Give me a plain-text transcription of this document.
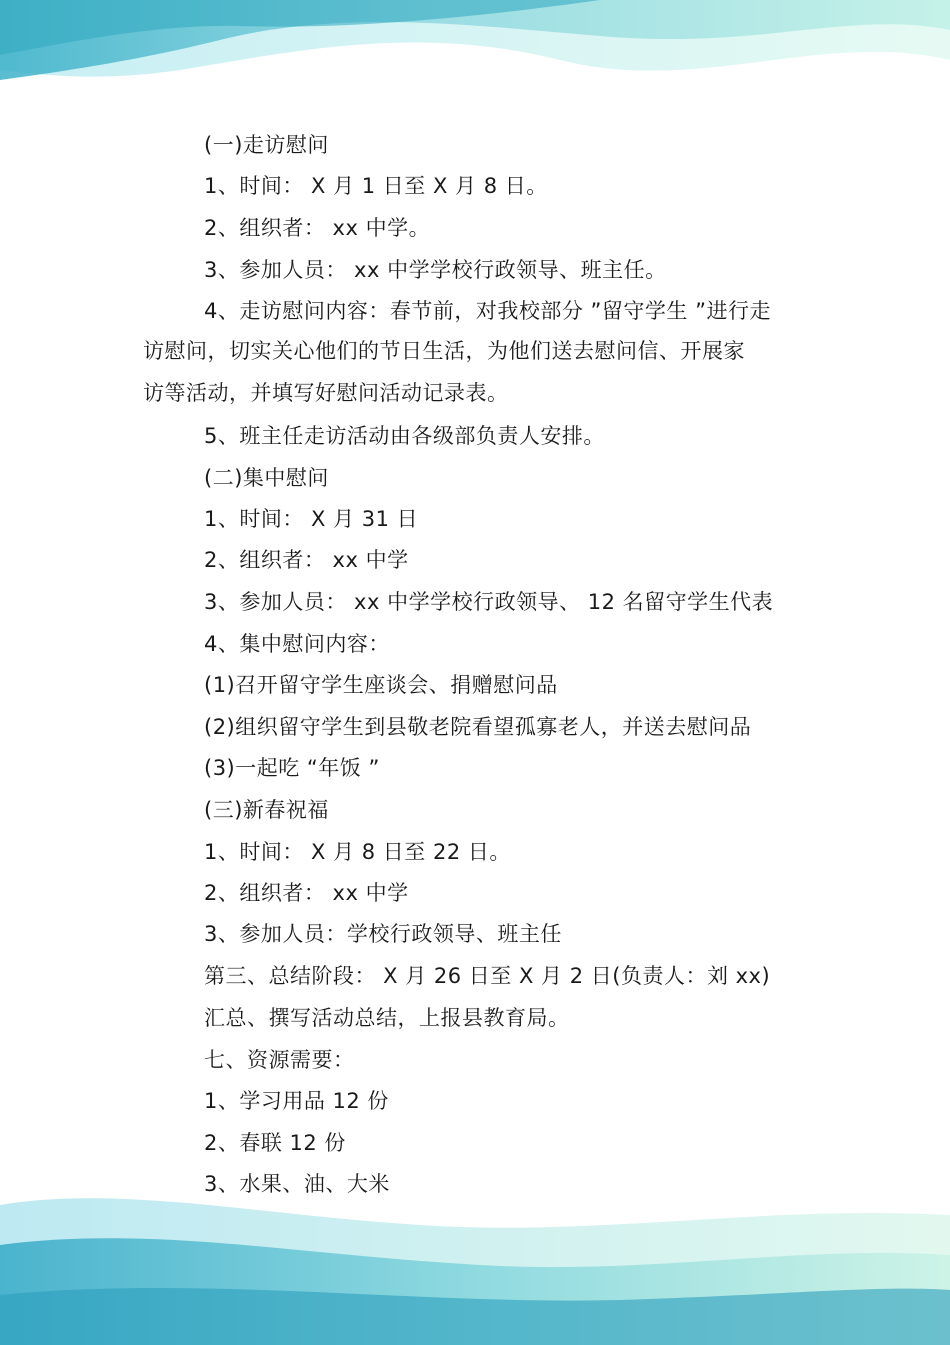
(一)走访慰问
1、时间： X 月 1 日至 X 月 8 日。
2、组织者： xx 中学。
3、参加人员： xx 中学学校行政领导、班主任。
4、走访慰问内容：春节前，对我校部分 ”留守学生 ”进行走
访慰问，切实关心他们的节日生活，为他们送去慰问信、开展家
访等活动，并填写好慰问活动记录表。
5、班主任走访活动由各级部负责人安排。
(二)集中慰问
1、时间： X 月 31 日
2、组织者： xx 中学
3、参加人员： xx 中学学校行政领导、 12 名留守学生代表
4、集中慰问内容：
(1)召开留守学生座谈会、捐赠慰问品
(2)组织留守学生到县敬老院看望孤寡老人，并送去慰问品
(3)一起吃 “年饭 ”
(三)新春祝福
1、时间： X 月 8 日至 22 日。
2、组织者： xx 中学
3、参加人员：学校行政领导、班主任
第三、总结阶段： X 月 26 日至 X 月 2 日(负责人：刘 xx)
汇总、撰写活动总结，上报县教育局。
七、资源需要：
1、学习用品 12 份
2、春联 12 份
3、水果、油、大米
